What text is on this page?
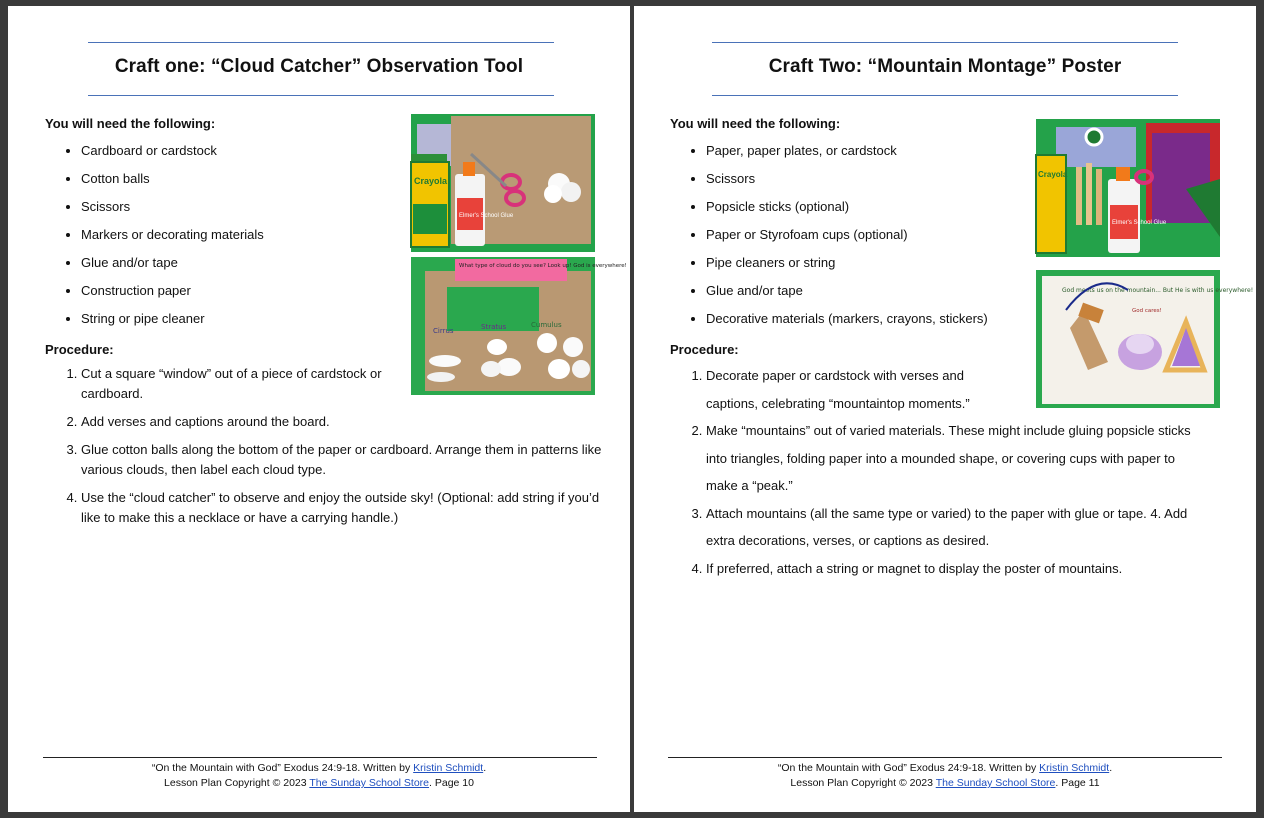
Craft one: “Cloud Catcher” Observation Tool
You will need the following:
• Cardboard or cardstock
• Cotton balls
• Scissors
• Markers or decorating materials
• Glue and/or tape
• Construction paper
• String or pipe cleaner
Procedure:
1. Cut a square “window” out of a piece of cardstock or cardboard.
2. Add verses and captions around the board.
3. Glue cotton balls along the bottom of the paper or cardboard. Arrange them in patterns like various clouds, then label each cloud type.
4. Use the “cloud catcher” to observe and enjoy the outside sky! (Optional: add string if you’d like to make this a necklace or have a carrying handle.)
Crayola
Elmer's School Glue
What type of cloud do you see? Look up! God is everywhere!
Cirrus	Stratus	Cumulus
“On the Mountain with God” Exodus 24:9-18. Written by Kristin Schmidt.
Lesson Plan Copyright © 2023 The Sunday School Store. Page 10
Craft Two: “Mountain Montage” Poster
You will need the following:
• Paper, paper plates, or cardstock
• Scissors
• Popsicle sticks (optional)
• Paper or Styrofoam cups (optional)
• Pipe cleaners or string
• Glue and/or tape
• Decorative materials (markers, crayons, stickers)
Procedure:
1. Decorate paper or cardstock with verses and captions, celebrating “mountaintop moments.”
2. Make “mountains” out of varied materials. These might include gluing popsicle sticks into triangles, folding paper into a mounded shape, or covering cups with paper to make a “peak.”
3. Attach mountains (all the same type or varied) to the paper with glue or tape. 4. Add extra decorations, verses, or captions as desired.
4. If preferred, attach a string or magnet to display the poster of mountains.
Crayola
Elmer's School Glue
God meets us on the mountain... But He is with us everywhere!
God cares!
“On the Mountain with God” Exodus 24:9-18. Written by Kristin Schmidt.
Lesson Plan Copyright © 2023 The Sunday School Store. Page 11
